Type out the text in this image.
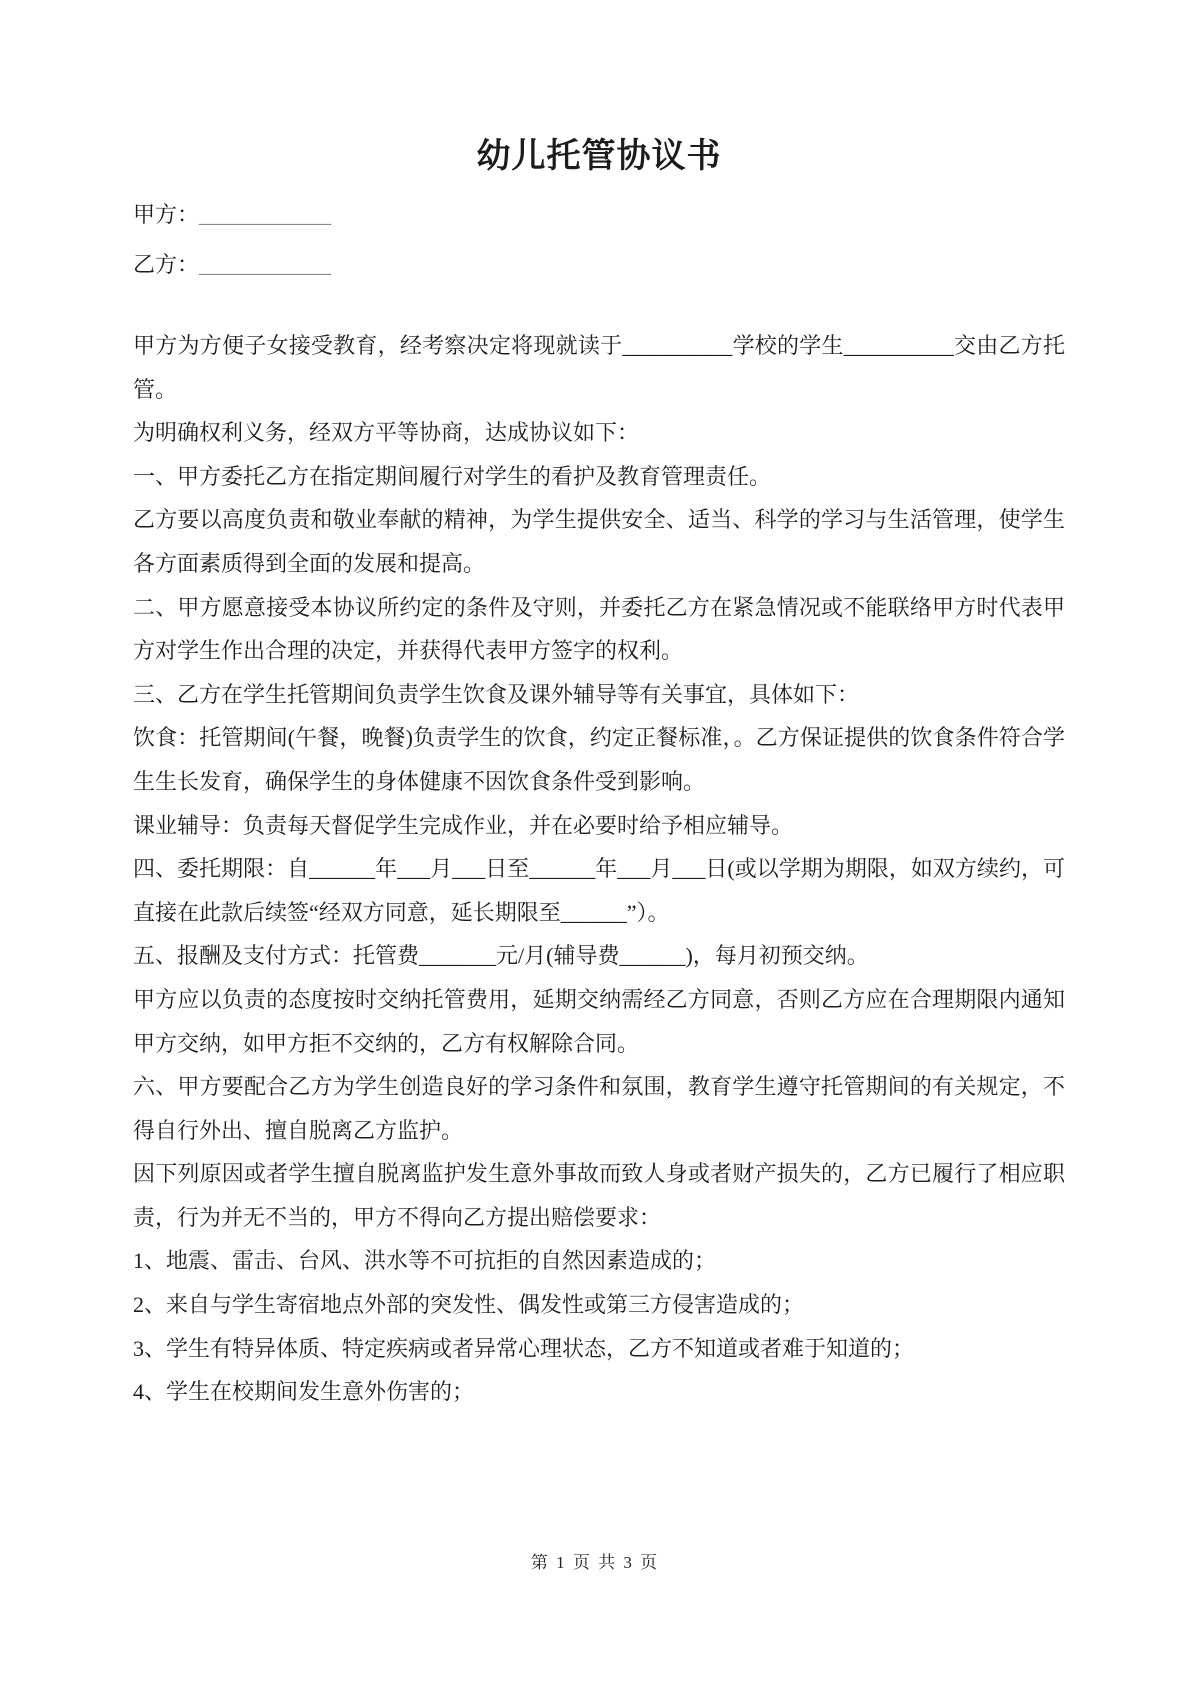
幼儿托管协议书
甲方：____________
乙方：____________

甲方为方便子女接受教育，经考察决定将现就读于__________学校的学生__________交由乙方托管。

为明确权利义务，经双方平等协商，达成协议如下：

一、甲方委托乙方在指定期间履行对学生的看护及教育管理责任。

乙方要以高度负责和敬业奉献的精神，为学生提供安全、适当、科学的学习与生活管理，使学生各方面素质得到全面的发展和提高。

二、甲方愿意接受本协议所约定的条件及守则，并委托乙方在紧急情况或不能联络甲方时代表甲方对学生作出合理的决定，并获得代表甲方签字的权利。

三、乙方在学生托管期间负责学生饮食及课外辅导等有关事宜，具体如下：

饮食：托管期间(午餐，晚餐)负责学生的饮食，约定正餐标准，。乙方保证提供的饮食条件符合学生生长发育，确保学生的身体健康不因饮食条件受到影响。

课业辅导：负责每天督促学生完成作业，并在必要时给予相应辅导。

四、委托期限：自______年___月___日至______年___月___日(或以学期为期限，如双方续约，可直接在此款后续签“经双方同意，延长期限至______”）。

五、报酬及支付方式：托管费_______元/月(辅导费______)，每月初预交纳。

甲方应以负责的态度按时交纳托管费用，延期交纳需经乙方同意，否则乙方应在合理期限内通知甲方交纳，如甲方拒不交纳的，乙方有权解除合同。

六、甲方要配合乙方为学生创造良好的学习条件和氛围，教育学生遵守托管期间的有关规定，不得自行外出、擅自脱离乙方监护。

因下列原因或者学生擅自脱离监护发生意外事故而致人身或者财产损失的，乙方已履行了相应职责，行为并无不当的，甲方不得向乙方提出赔偿要求：

1、地震、雷击、台风、洪水等不可抗拒的自然因素造成的；

2、来自与学生寄宿地点外部的突发性、偶发性或第三方侵害造成的；

3、学生有特异体质、特定疾病或者异常心理状态，乙方不知道或者难于知道的；

4、学生在校期间发生意外伤害的；

第 1 页 共 3 页
